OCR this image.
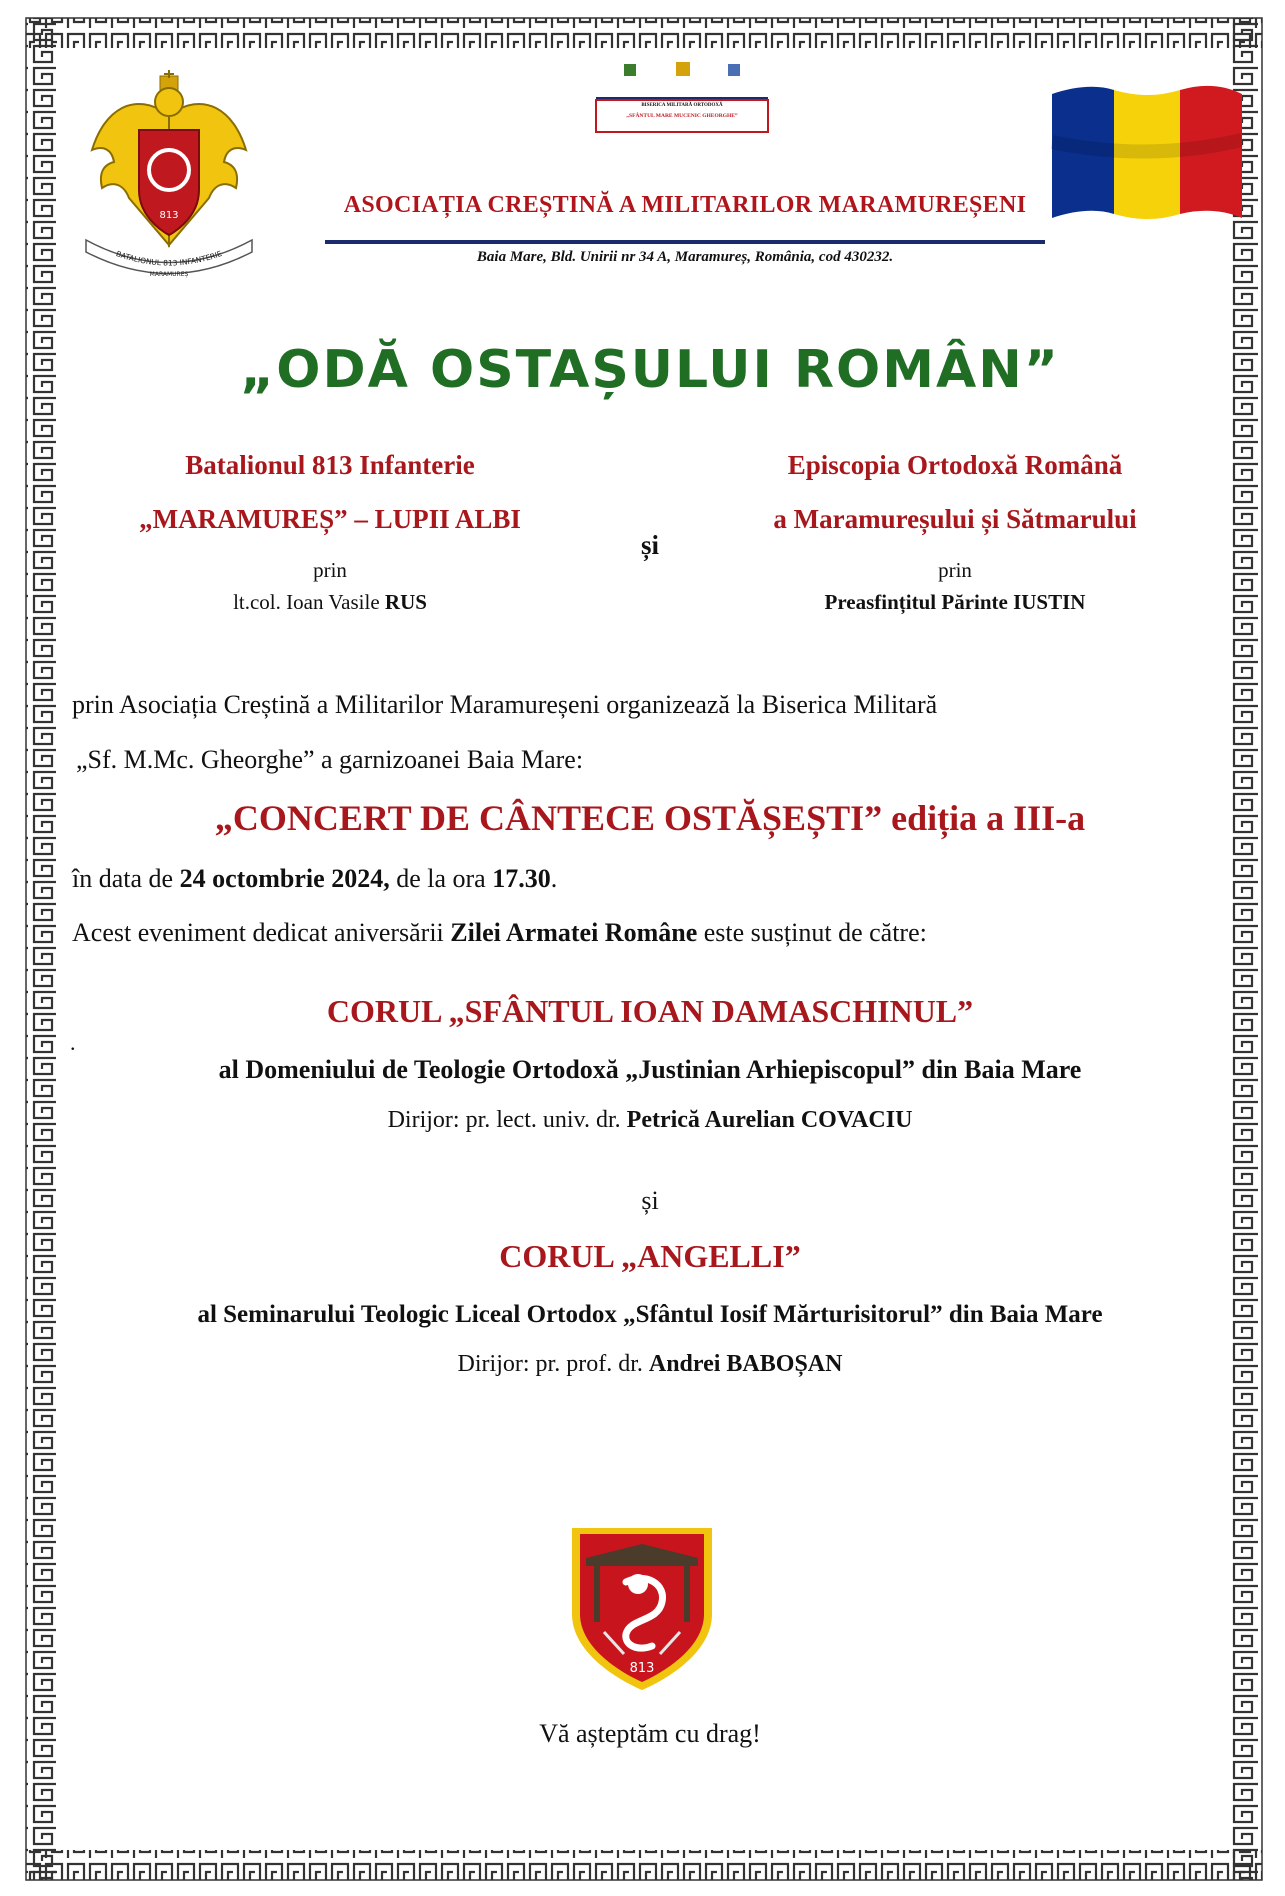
813
BATALIONUL 813 INFANTERIE
MARAMUREȘ
BISERICA MILITARĂ ORTODOXĂ
„SFÂNTUL MARE MUCENIC GHEORGHE”
ASOCIAȚIA CREȘTINĂ A MILITARILOR MARAMUREȘENI
Baia Mare, Bld. Unirii nr 34 A, Maramureș, România, cod 430232.
„ODĂ OSTAȘULUI ROMÂN”
Batalionul 813 Infanterie
„MARAMUREȘ” – LUPII ALBI
prin
lt.col. Ioan Vasile RUS
și
Episcopia Ortodoxă Română
a Maramureșului și Sătmarului
prin
Preasfințitul Părinte IUSTIN
prin Asociația Creștină a Militarilor Maramureșeni organizează la Biserica Militară
„Sf. M.Mc. Gheorghe” a garnizoanei Baia Mare:
„CONCERT DE CÂNTECE OSTĂȘEȘTI” ediția a III-a
în data de 24 octombrie 2024, de la ora 17.30.
Acest eveniment dedicat aniversării Zilei Armatei Române este susținut de către:
CORUL „SFÂNTUL IOAN DAMASCHINUL”
.
al Domeniului de Teologie Ortodoxă „Justinian Arhiepiscopul” din Baia Mare
Dirijor: pr. lect. univ. dr. Petrică Aurelian COVACIU
și
CORUL „ANGELLI”
al Seminarului Teologic Liceal Ortodox „Sfântul Iosif Mărturisitorul” din Baia Mare
Dirijor: pr. prof. dr. Andrei BABOȘAN
813
Vă așteptăm cu drag!
